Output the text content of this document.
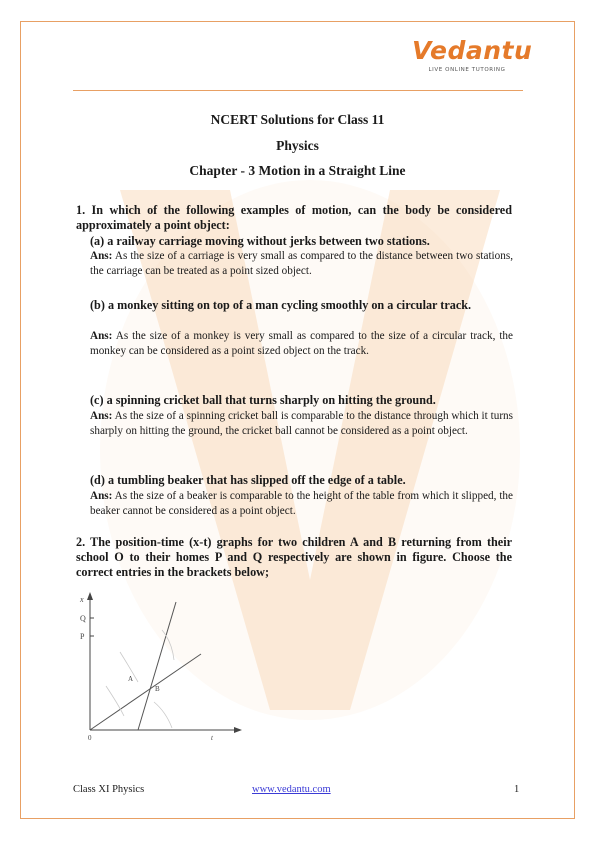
Vedantu
LIVE ONLINE TUTORING
NCERT Solutions for Class 11
Physics
Chapter - 3 Motion in a Straight Line
1. In which of the following examples of motion, can the body be considered approximately a point object:
(a) a railway carriage moving without jerks between two stations.
Ans: As the size of a carriage is very small as compared to the distance between two stations, the carriage can be treated as a point sized object.
(b) a monkey sitting on top of a man cycling smoothly on a circular track.
Ans: As the size of a monkey is very small as compared to the size of a circular track, the monkey can be considered as a point sized object on the track.
(c) a spinning cricket ball that turns sharply on hitting the ground.
Ans: As the size of a spinning cricket ball is comparable to the distance through which it turns sharply on hitting the ground, the cricket ball cannot be considered as a point object.
(d) a tumbling beaker that has slipped off the edge of a table.
Ans: As the size of a beaker is comparable to the height of the table from which it slipped, the beaker cannot be considered as a point object.
2. The position-time (x-t) graphs for two children A and B returning from their school O to their homes P and Q respectively are shown in figure. Choose the correct entries in the brackets below;
x
Q
P
A
B
0	t
Class XI Physics	www.vedantu.com	1
